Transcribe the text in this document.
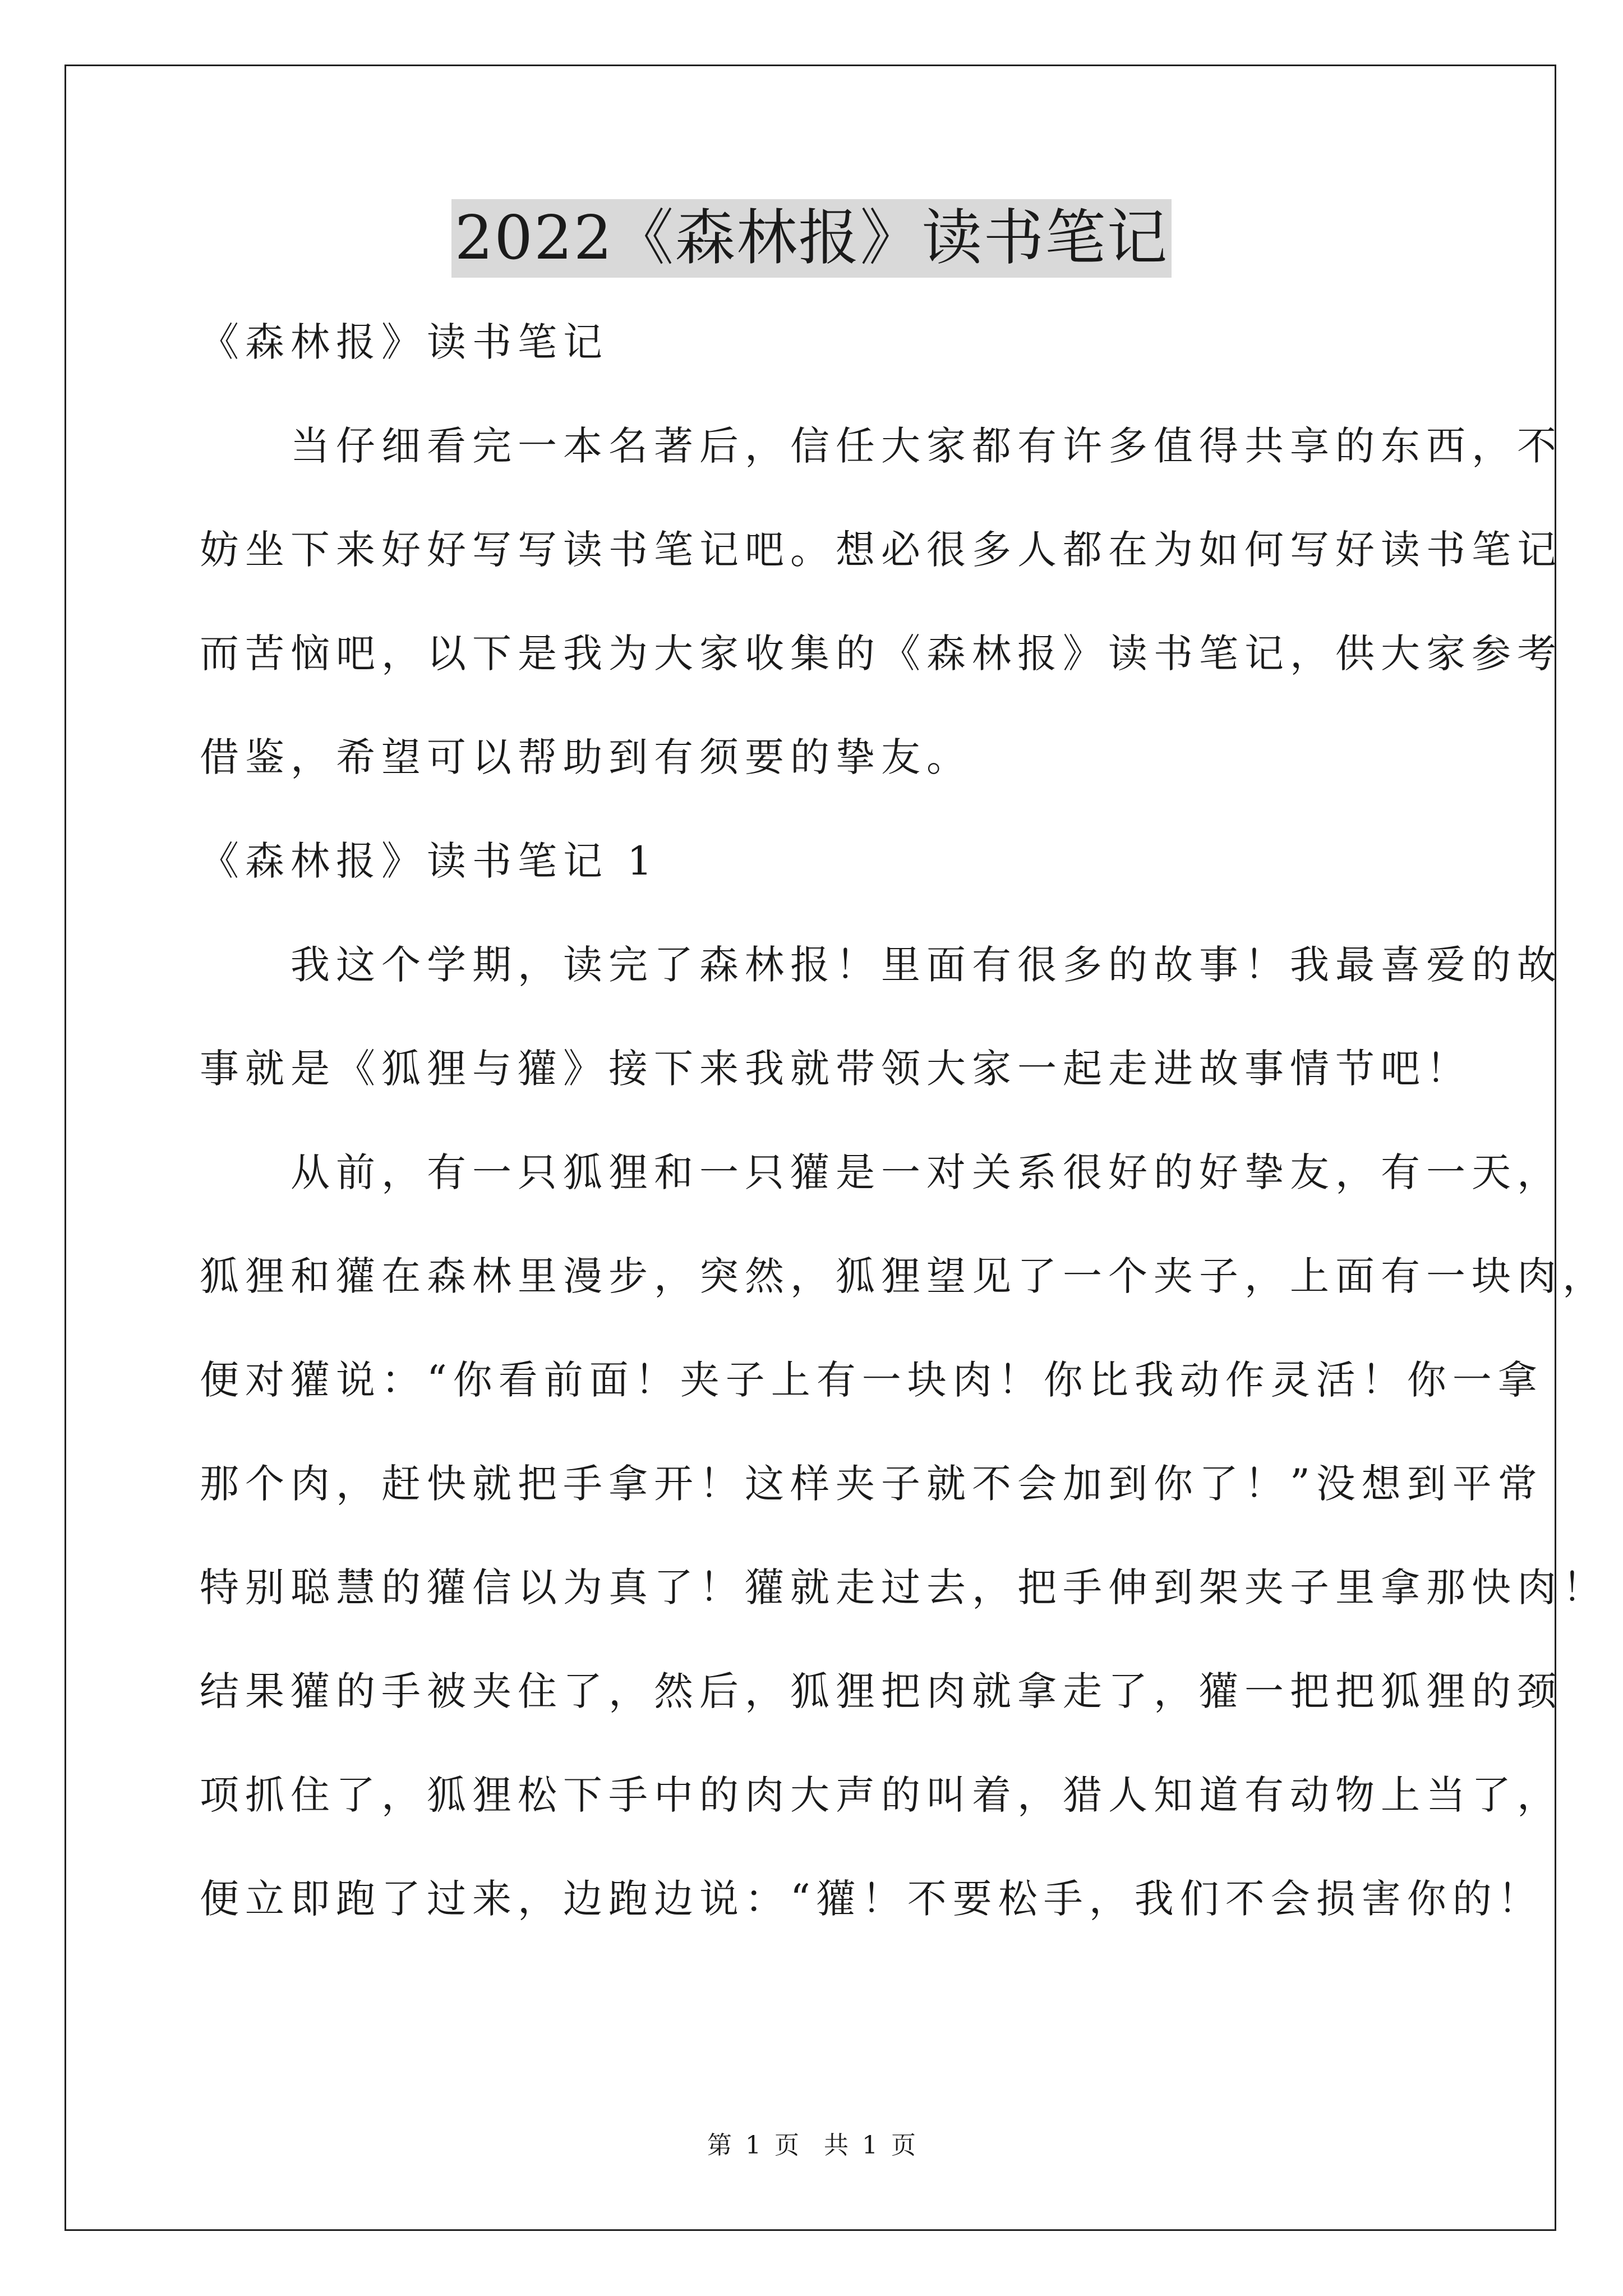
2022《森林报》读书笔记
《森林报》读书笔记
　　当仔细看完一本名著后，信任大家都有许多值得共享的东西，不
妨坐下来好好写写读书笔记吧。想必很多人都在为如何写好读书笔记
而苦恼吧，以下是我为大家收集的《森林报》读书笔记，供大家参考
借鉴，希望可以帮助到有须要的挚友。
《森林报》读书笔记 1
　　我这个学期，读完了森林报！里面有很多的故事！我最喜爱的故
事就是《狐狸与獾》接下来我就带领大家一起走进故事情节吧！
　　从前，有一只狐狸和一只獾是一对关系很好的好挚友，有一天，
狐狸和獾在森林里漫步，突然，狐狸望见了一个夹子，上面有一块肉，
便对獾说：“你看前面！夹子上有一块肉！你比我动作灵活！你一拿
那个肉，赶快就把手拿开！这样夹子就不会加到你了！”没想到平常
特别聪慧的獾信以为真了！獾就走过去，把手伸到架夹子里拿那快肉！
结果獾的手被夹住了，然后，狐狸把肉就拿走了，獾一把把狐狸的颈
项抓住了，狐狸松下手中的肉大声的叫着，猎人知道有动物上当了，
便立即跑了过来，边跑边说：“獾！不要松手，我们不会损害你的！
第 1 页 共 1 页
